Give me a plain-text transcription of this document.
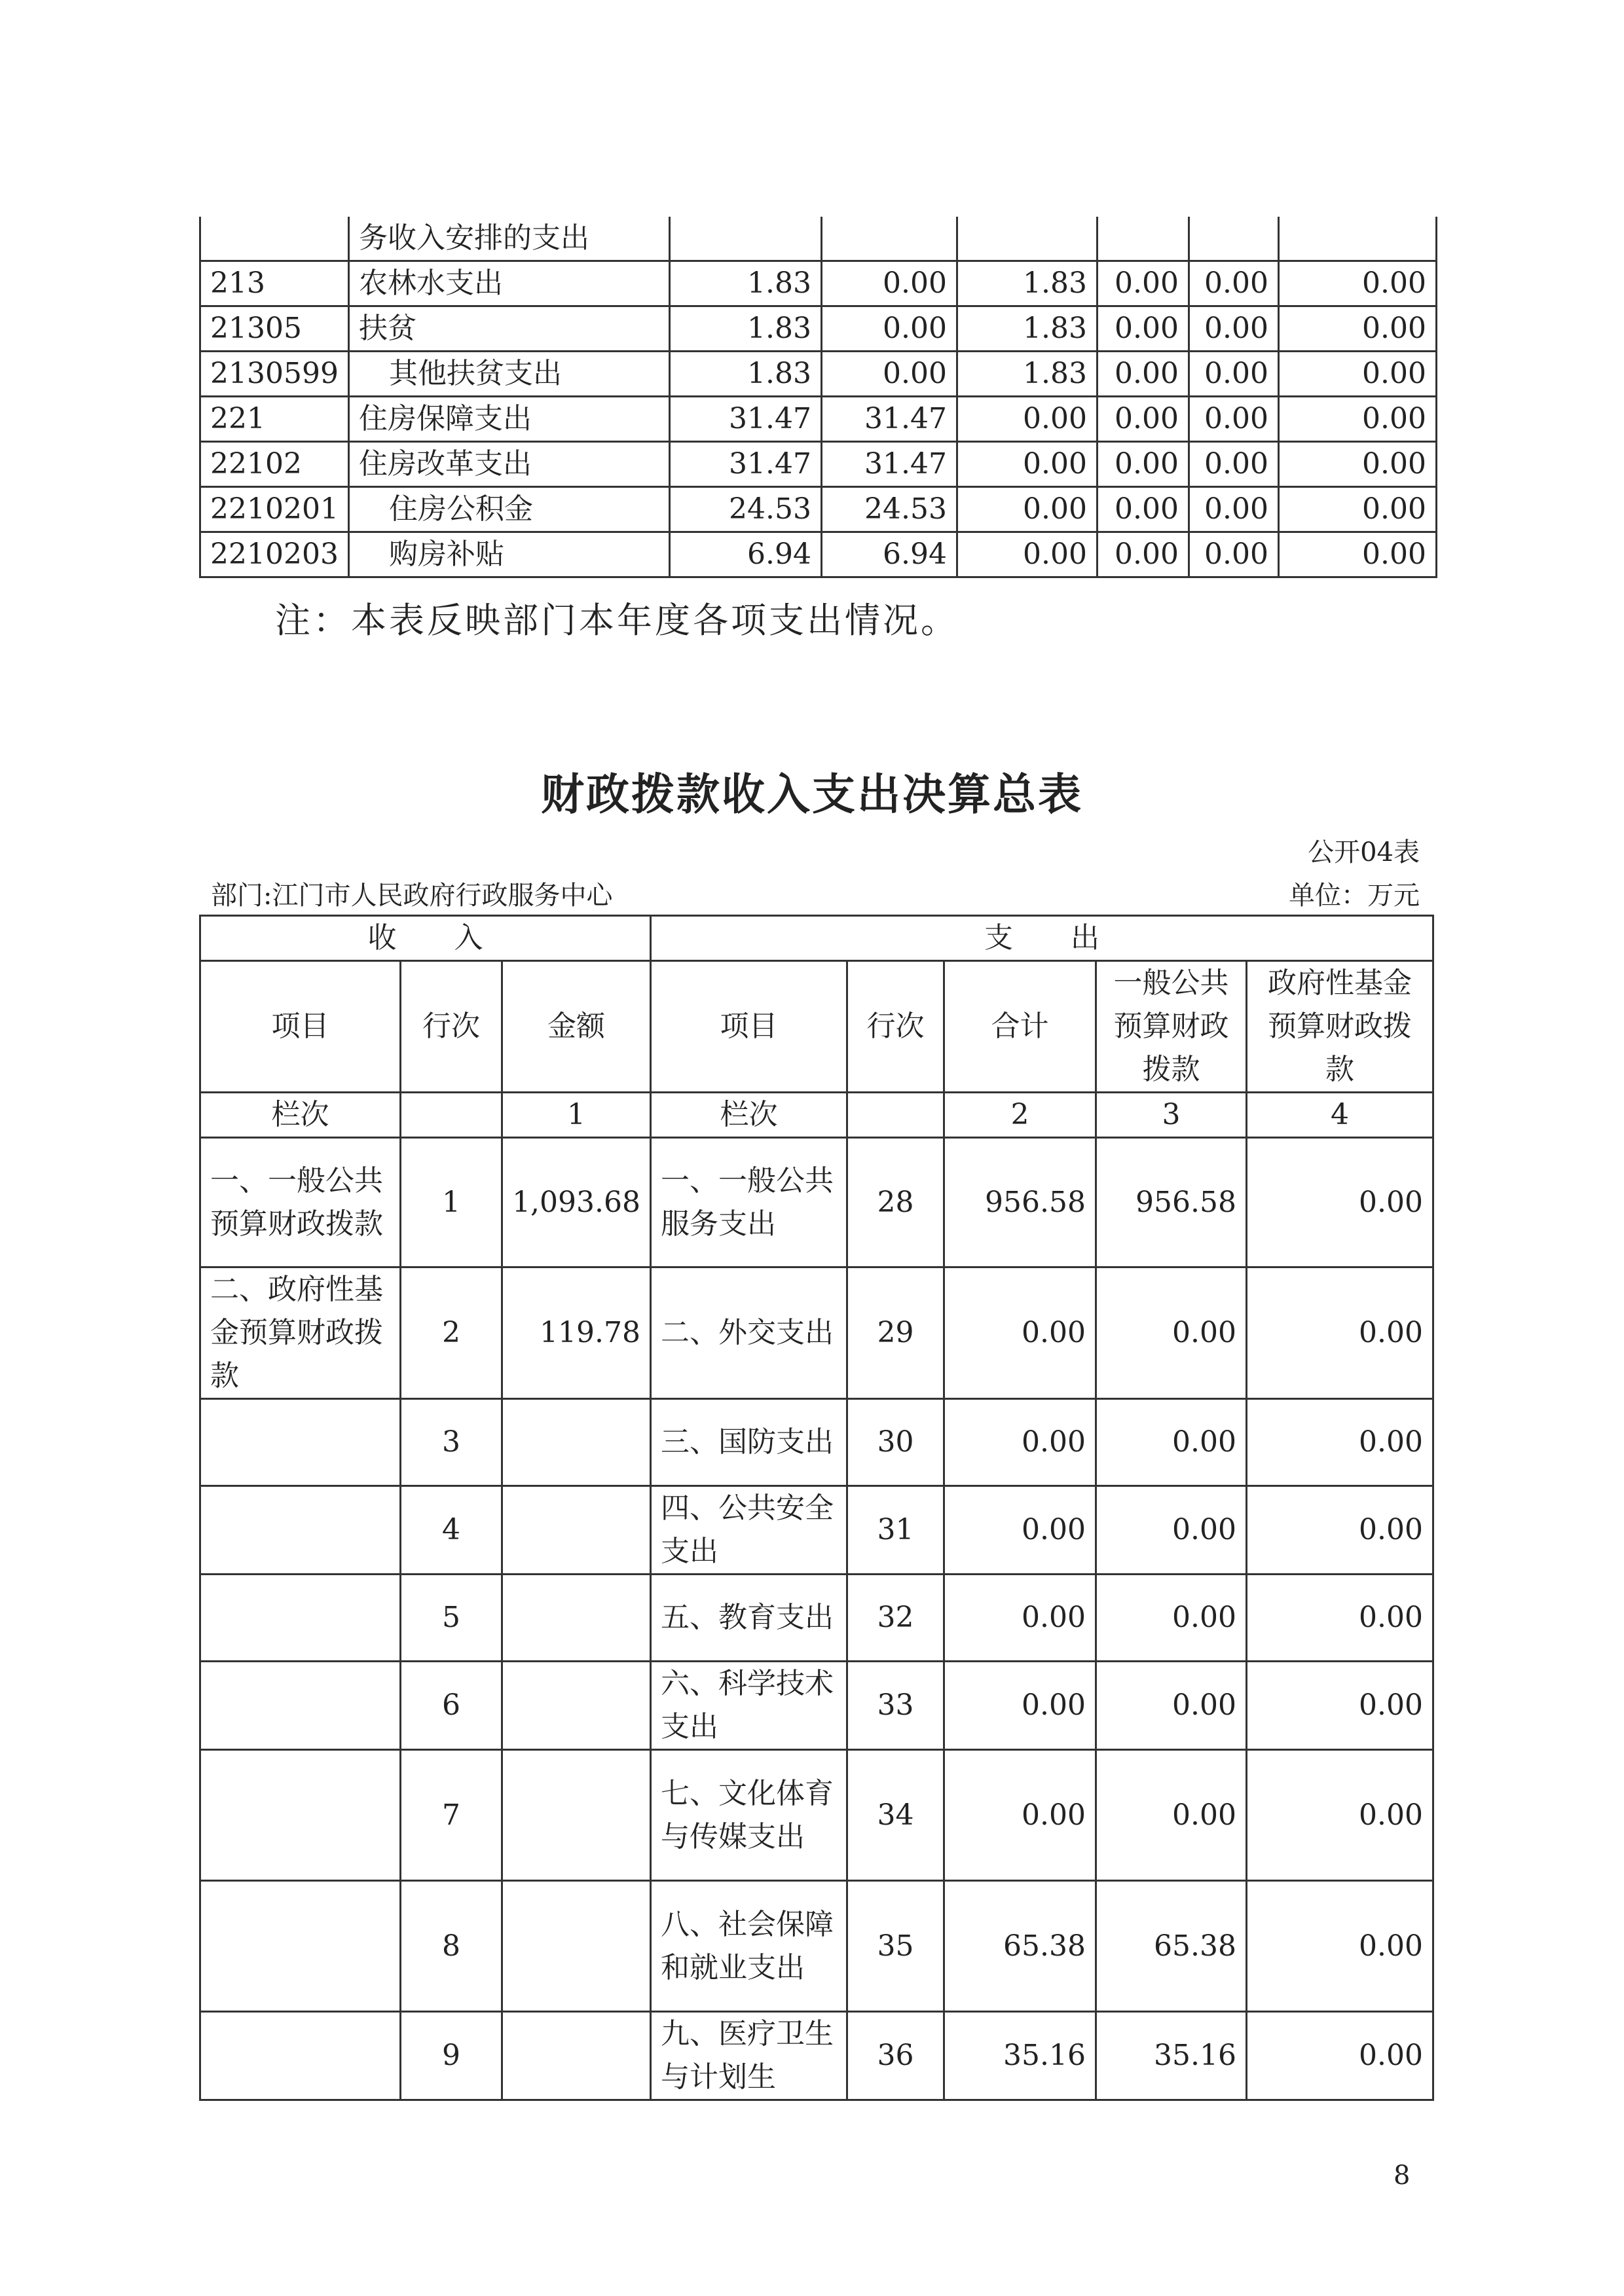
	务收入安排的支出						
213	农林水支出	1.83	0.00	1.83	0.00	0.00	0.00
21305	扶贫	1.83	0.00	1.83	0.00	0.00	0.00
2130599	其他扶贫支出	1.83	0.00	1.83	0.00	0.00	0.00
221	住房保障支出	31.47	31.47	0.00	0.00	0.00	0.00
22102	住房改革支出	31.47	31.47	0.00	0.00	0.00	0.00
2210201	住房公积金	24.53	24.53	0.00	0.00	0.00	0.00
2210203	购房补贴	6.94	6.94	0.00	0.00	0.00	0.00
注：本表反映部门本年度各项支出情况。
财政拨款收入支出决算总表
公开04表
部门:江门市人民政府行政服务中心	单位：万元
收　　入			支　　出				
项目	行次	金额	项目	行次	合计	一般公共预算财政拨款	政府性基金预算财政拨款
栏次		1	栏次		2	3	4
一、一般公共预算财政拨款	1	1,093.68	一、一般公共服务支出	28	956.58	956.58	0.00
二、政府性基金预算财政拨款	2	119.78	二、外交支出	29	0.00	0.00	0.00
	3		三、国防支出	30	0.00	0.00	0.00
	4		四、公共安全支出	31	0.00	0.00	0.00
	5		五、教育支出	32	0.00	0.00	0.00
	6		六、科学技术支出	33	0.00	0.00	0.00
	7		七、文化体育与传媒支出	34	0.00	0.00	0.00
	8		八、社会保障和就业支出	35	65.38	65.38	0.00
	9		九、医疗卫生与计划生	36	35.16	35.16	0.00
8
